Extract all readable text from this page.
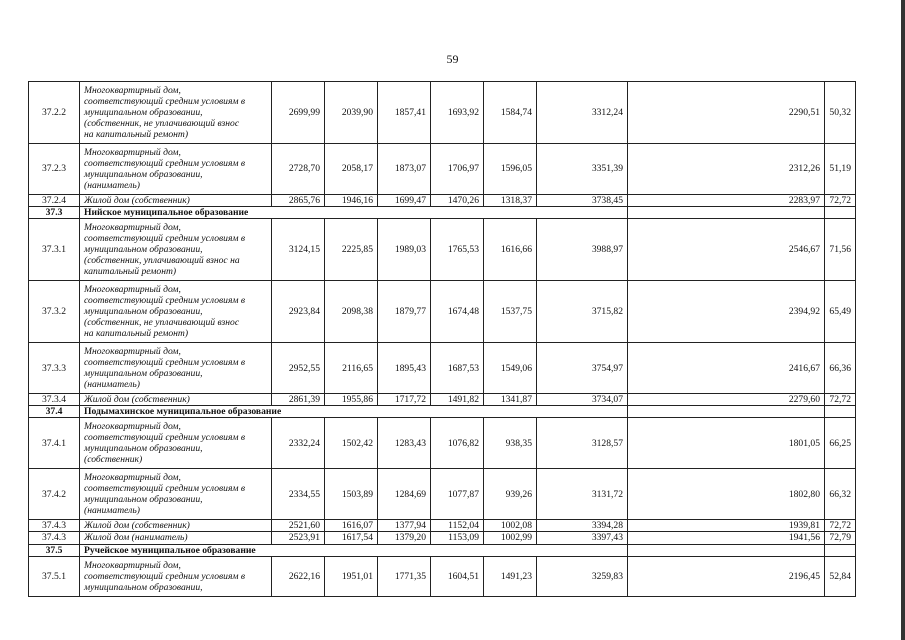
59
37.2.2	Многоквартирный дом,
соответствующий средним условиям в
муниципальном образовании,
(собственник, не уплачивающий взнос
на капитальный ремонт)	2699,99	2039,90	1857,41	1693,92	1584,74	3312,24	2290,51	50,32
37.2.3	Многоквартирный дом,
соответствующий средним условиям в
муниципальном образовании,
(наниматель)	2728,70	2058,17	1873,07	1706,97	1596,05	3351,39	2312,26	51,19
37.2.4	Жилой дом (собственник)	2865,76	1946,16	1699,47	1470,26	1318,37	3738,45	2283,97	72,72
37.3	Нийское муниципальное образование								
37.3.1	Многоквартирный дом,
соответствующий средним условиям в
муниципальном образовании,
(собственник, уплачивающий взнос на
капитальный ремонт)	3124,15	2225,85	1989,03	1765,53	1616,66	3988,97	2546,67	71,56
37.3.2	Многоквартирный дом,
соответствующий средним условиям в
муниципальном образовании,
(собственник, не уплачивающий взнос
на капитальный ремонт)	2923,84	2098,38	1879,77	1674,48	1537,75	3715,82	2394,92	65,49
37.3.3	Многоквартирный дом,
соответствующий средним условиям в
муниципальном образовании,
(наниматель)	2952,55	2116,65	1895,43	1687,53	1549,06	3754,97	2416,67	66,36
37.3.4	Жилой дом (собственник)	2861,39	1955,86	1717,72	1491,82	1341,87	3734,07	2279,60	72,72
37.4	Подымахинское муниципальное образование								
37.4.1	Многоквартирный дом,
соответствующий средним условиям в
муниципальном образовании,
(собственник)	2332,24	1502,42	1283,43	1076,82	938,35	3128,57	1801,05	66,25
37.4.2	Многоквартирный дом,
соответствующий средним условиям в
муниципальном образовании,
(наниматель)	2334,55	1503,89	1284,69	1077,87	939,26	3131,72	1802,80	66,32
37.4.3	Жилой дом (собственник)	2521,60	1616,07	1377,94	1152,04	1002,08	3394,28	1939,81	72,72
37.4.3	Жилой дом (наниматель)	2523,91	1617,54	1379,20	1153,09	1002,99	3397,43	1941,56	72,79
37.5	Ручейское муниципальное образование								
37.5.1	Многоквартирный дом,
соответствующий средним условиям в
муниципальном образовании,	2622,16	1951,01	1771,35	1604,51	1491,23	3259,83	2196,45	52,84
